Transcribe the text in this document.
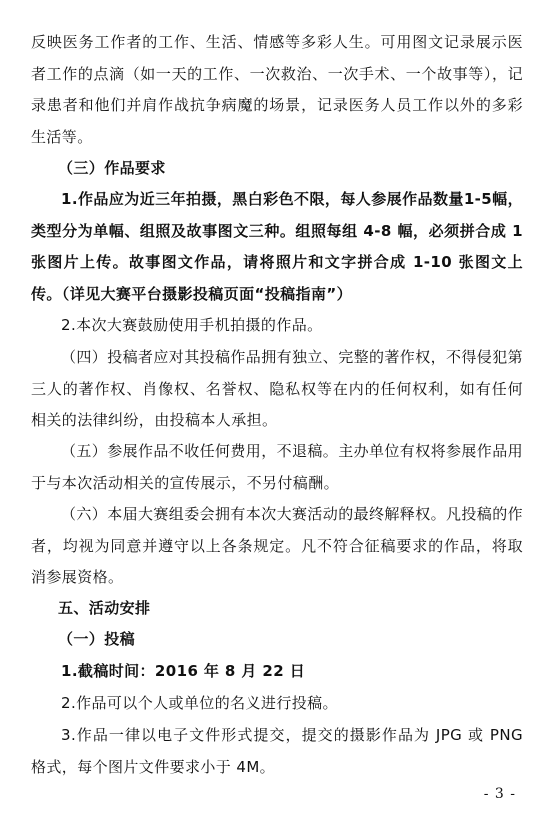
反映医务工作者的工作、生活、情感等多彩人生。可用图文记录展示医者工作的点滴（如一天的工作、一次救治、一次手术、一个故事等），记录患者和他们并肩作战抗争病魔的场景，记录医务人员工作以外的多彩生活等。
（三）作品要求
1.作品应为近三年拍摄，黑白彩色不限，每人参展作品数量1-5幅，类型分为单幅、组照及故事图文三种。组照每组 4-8 幅，必须拼合成 1 张图片上传。故事图文作品，请将照片和文字拼合成 1-10 张图文上传。（详见大赛平台摄影投稿页面“投稿指南”）
2.本次大赛鼓励使用手机拍摄的作品。
（四）投稿者应对其投稿作品拥有独立、完整的著作权，不得侵犯第三人的著作权、肖像权、名誉权、隐私权等在内的任何权利，如有任何相关的法律纠纷，由投稿本人承担。
（五）参展作品不收任何费用，不退稿。主办单位有权将参展作品用于与本次活动相关的宣传展示，不另付稿酬。
（六）本届大赛组委会拥有本次大赛活动的最终解释权。凡投稿的作者，均视为同意并遵守以上各条规定。凡不符合征稿要求的作品，将取消参展资格。
五、活动安排
（一）投稿
1.截稿时间：2016 年 8 月 22 日
2.作品可以个人或单位的名义进行投稿。
3.作品一律以电子文件形式提交，提交的摄影作品为 JPG 或 PNG 格式，每个图片文件要求小于 4M。
- 3 -
